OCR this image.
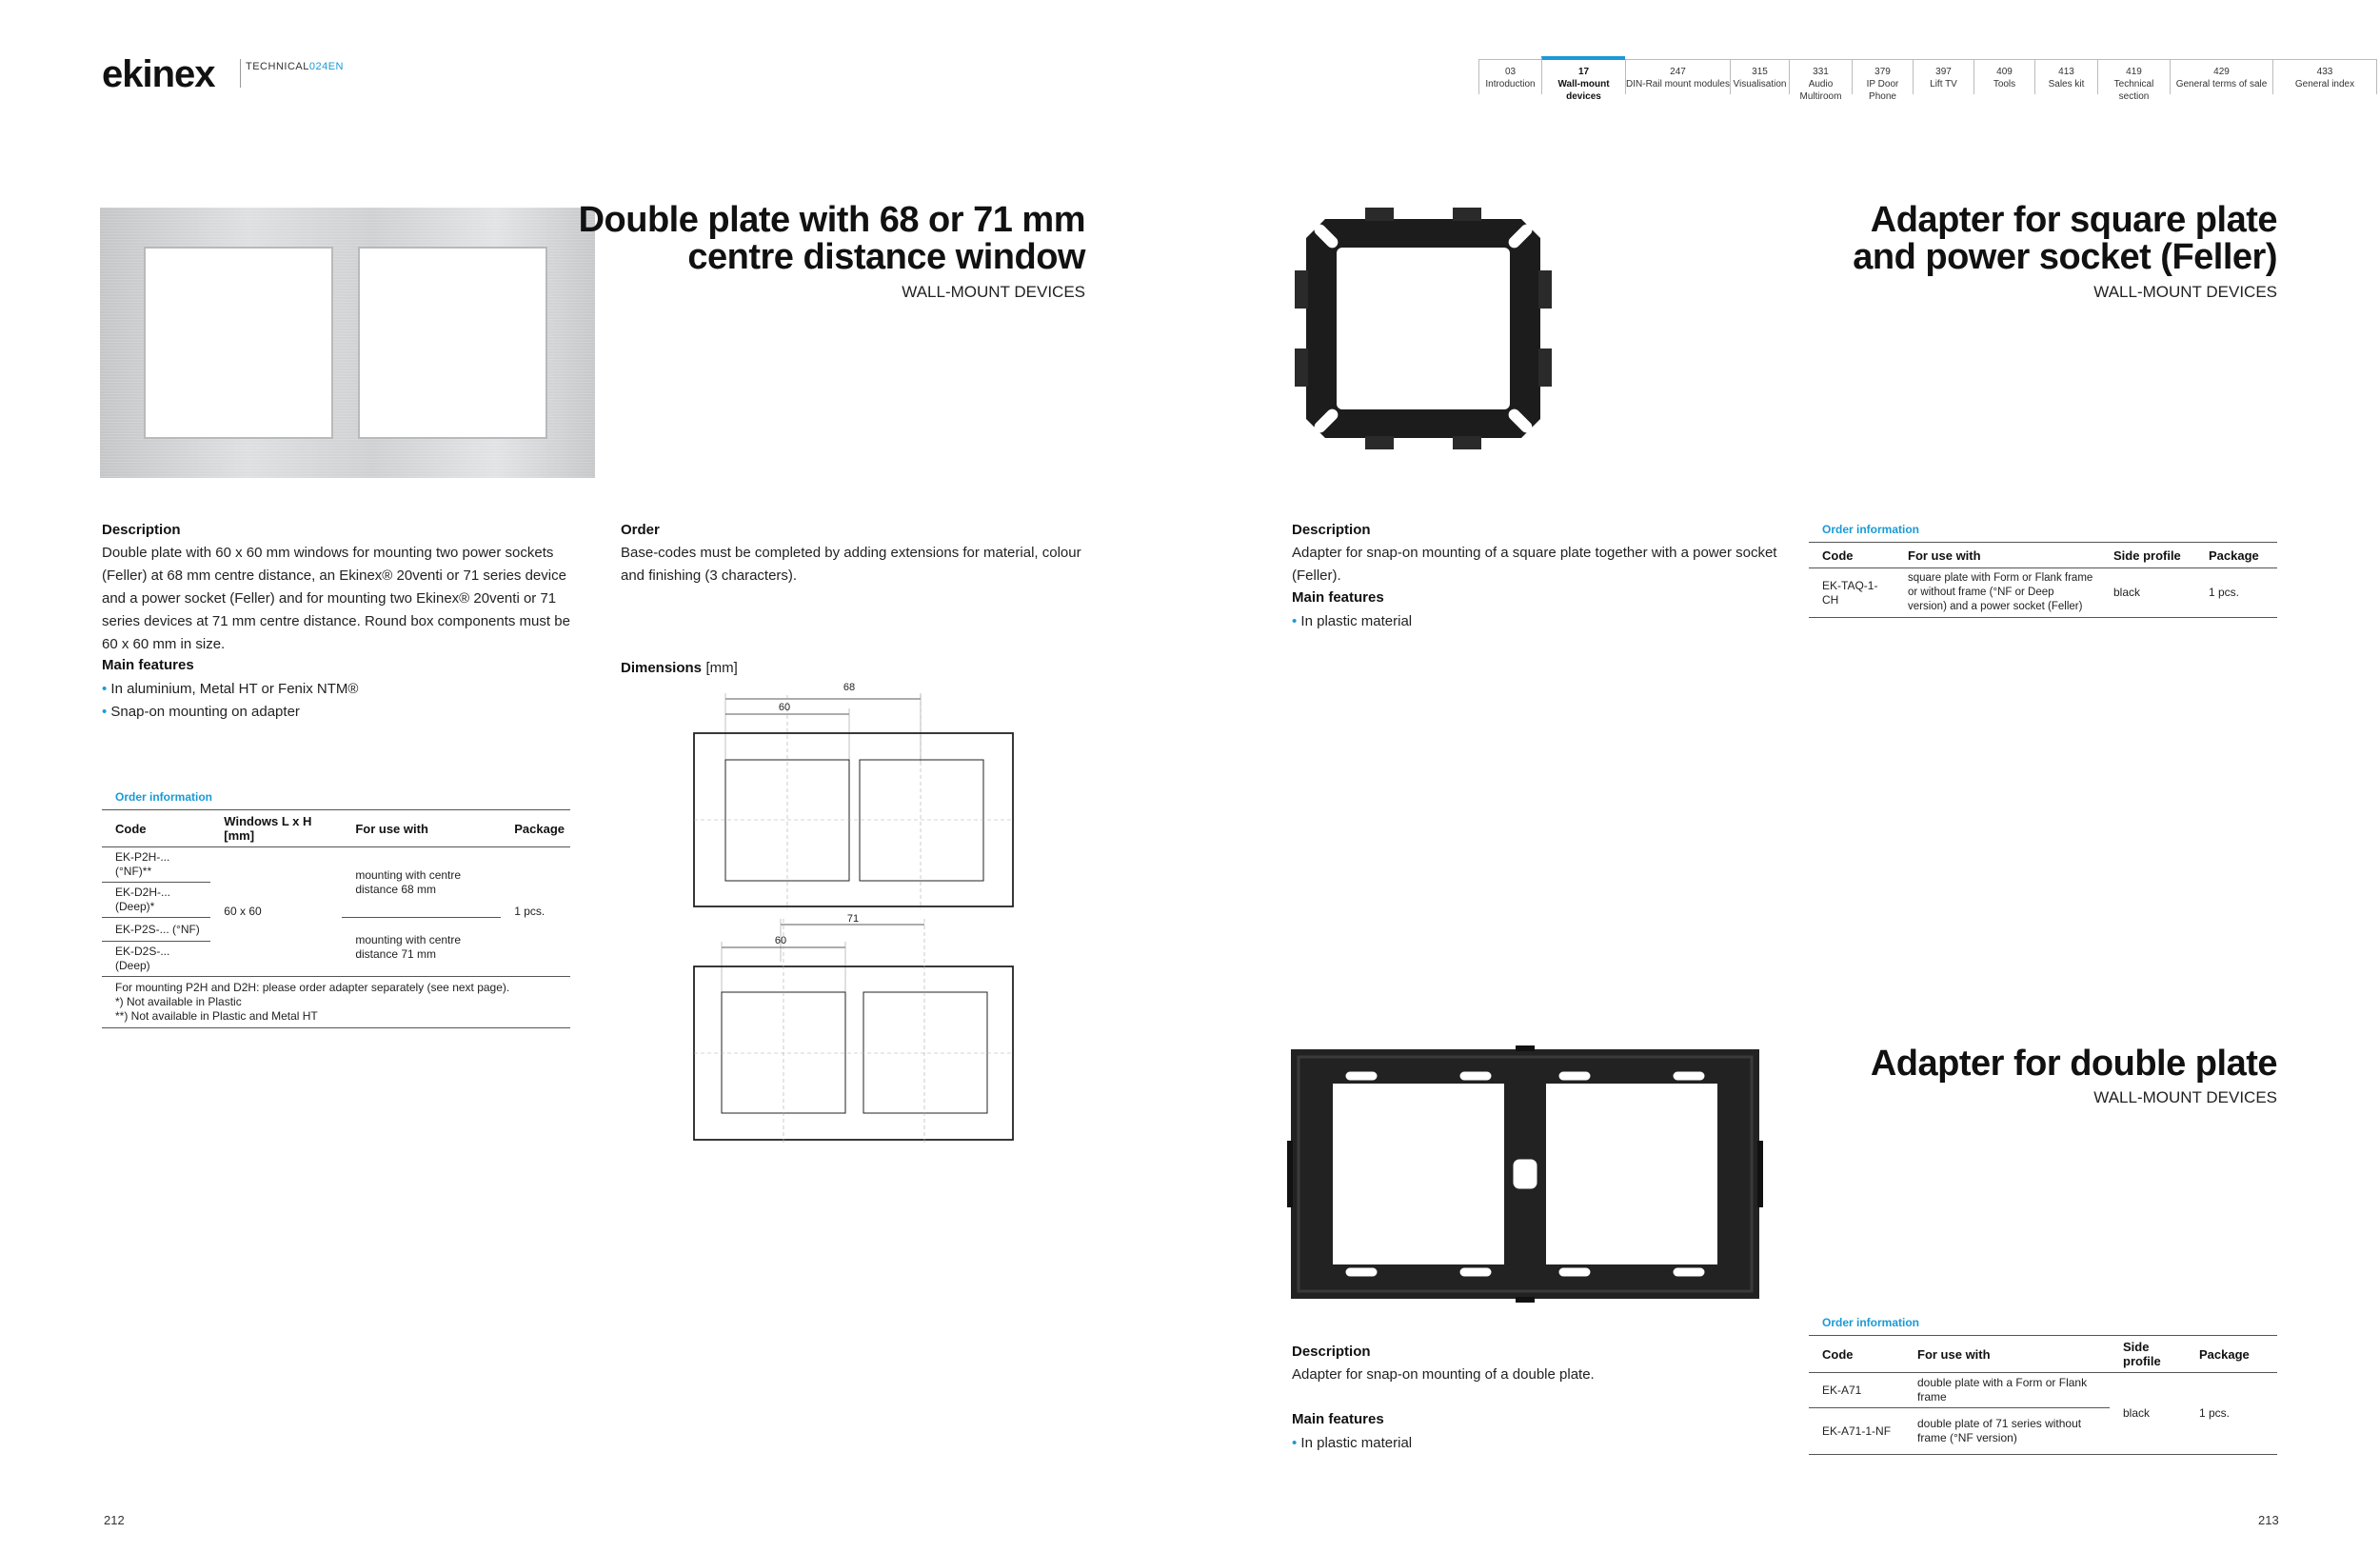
ekinex	TECHNICAL024EN	03
Introduction
17
Wall-mount devices
247
DIN-Rail mount modules
315
Visualisation
331
Audio Multiroom
379
IP Door Phone
397
Lift TV
409
Tools
413
Sales kit
419
Technical section
429
General terms of sale
433
General index
Double plate with 68 or 71 mm
centre distance window
WALL-MOUNT DEVICES
Description
Double plate with 60 x 60 mm windows for mounting two power sockets (Feller) at 68 mm centre distance, an Ekinex® 20venti or 71 series device and a power socket (Feller) and for mounting two Ekinex® 20venti or 71 series devices at 71 mm centre distance. Round box components must be 60 x 60 mm in size.
Main features
• In aluminium, Metal HT or Fenix NTM®
• Snap-on mounting on adapter
Order
Base-codes must be completed by adding extensions for material, colour and finishing (3 characters).
Dimensions [mm]
68
60
71
60
Order information
Code	Windows L x H [mm]	For use with	Package
EK-P2H-... (°NF)**	60 x 60	mounting with centre distance 68 mm	1 pcs.
EK-D2H-... (Deep)*			
EK-P2S-... (°NF)		mounting with centre distance 71 mm	
EK-D2S-... (Deep)			

For mounting P2H and D2H: please order adapter separately (see next page).
*) Not available in Plastic
**) Not available in Plastic and Metal HT			
212
Adapter for square plate
and power socket (Feller)
WALL-MOUNT DEVICES
Description
Adapter for snap-on mounting of a square plate together with a power socket (Feller).
Main features
• In plastic material
Order information
Code	For use with	Side profile	Package
EK-TAQ-1-CH	square plate with Form or Flank frame or without frame (°NF or Deep version) and a power socket (Feller)	black	1 pcs.
Adapter for double plate
WALL-MOUNT DEVICES
Description
Adapter for snap-on mounting of a double plate.
Main features
• In plastic material
Order information
Code	For use with	Side profile	Package
EK-A71	double plate with a Form or Flank frame	black	1 pcs.
EK-A71-1-NF	double plate of 71 series without frame (°NF version)		
213
